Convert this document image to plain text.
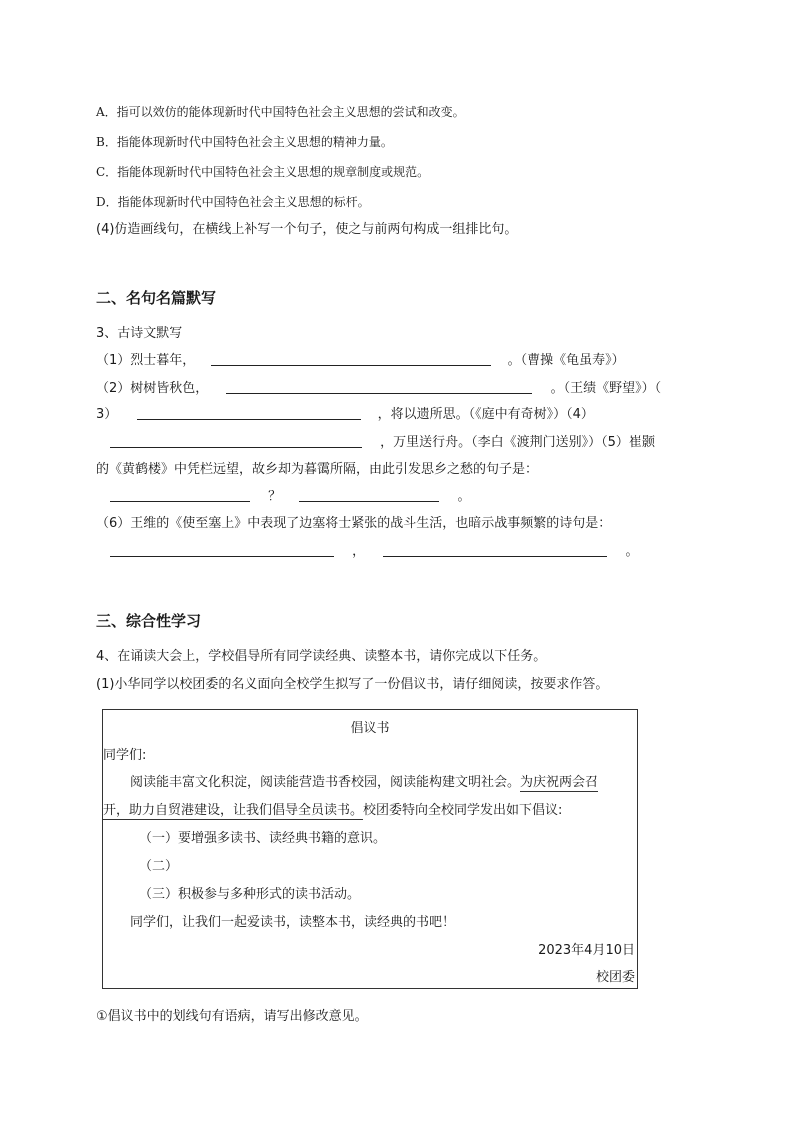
A．指可以效仿的能体现新时代中国特色社会主义思想的尝试和改变。
B．指能体现新时代中国特色社会主义思想的精神力量。
C．指能体现新时代中国特色社会主义思想的规章制度或规范。
D．指能体现新时代中国特色社会主义思想的标杆。
(4)仿造画线句，在横线上补写一个句子，使之与前两句构成一组排比句。
二、名句名篇默写
3、古诗文默写
（1）烈士暮年，	。（曹操《龟虽寿》）
（2）树树皆秋色，	。（王绩《野望》）（
3）	，将以遗所思。（《庭中有奇树》）（4）
，万里送行舟。（李白《渡荆门送别》）（5）崔颢
的《黄鹤楼》中凭栏远望，故乡却为暮霭所隔，由此引发思乡之愁的句子是：
？	。
（6）王维的《使至塞上》中表现了边塞将士紧张的战斗生活，也暗示战事频繁的诗句是：
，	。
三、综合性学习
4、在诵读大会上，学校倡导所有同学读经典、读整本书，请你完成以下任务。
(1)小华同学以校团委的名义面向全校学生拟写了一份倡议书，请仔细阅读，按要求作答。
倡议书
同学们:
阅读能丰富文化积淀，阅读能营造书香校园，阅读能构建文明社会。为庆祝两会召
开，助力自贸港建设，让我们倡导全员读书。校团委特向全校同学发出如下倡议:
（一）要增强多读书、读经典书籍的意识。
（二）
（三）积极参与多种形式的读书活动。
同学们，让我们一起爱读书，读整本书，读经典的书吧！
2023年4月10日
校团委
①倡议书中的划线句有语病，请写出修改意见。
